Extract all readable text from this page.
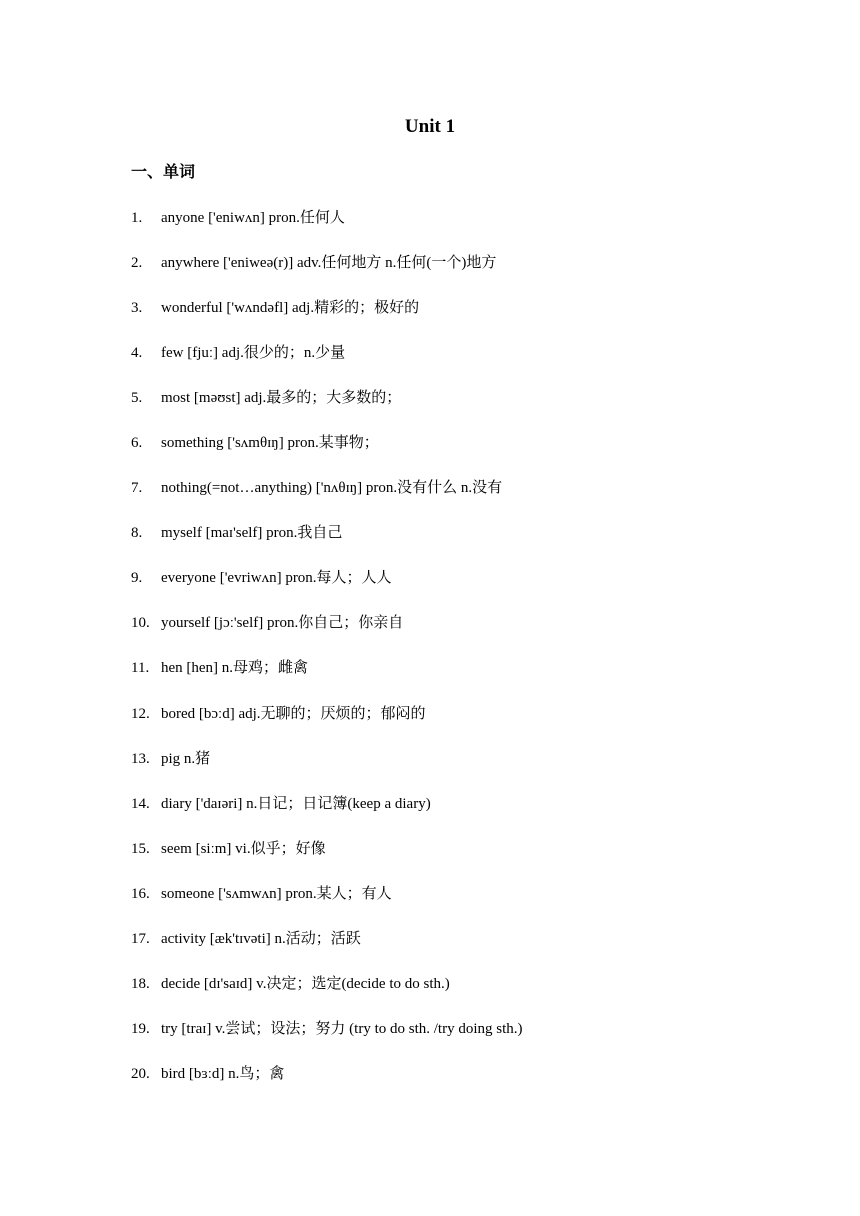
Unit 1
一、单词
1. anyone ['eniwʌn] pron.任何人
2. anywhere ['eniweə(r)] adv.任何地方 n.任何(一个)地方
3. wonderful ['wʌndəfl] adj.精彩的；极好的
4. few [fjuː] adj.很少的；n.少量
5. most [məʊst] adj.最多的；大多数的；
6. something ['sʌmθɪŋ] pron.某事物；
7. nothing(=not…anything) ['nʌθɪŋ] pron.没有什么 n.没有
8. myself [maɪ'self] pron.我自己
9. everyone ['evriwʌn] pron.每人；人人
10. yourself [jɔː'self] pron.你自己；你亲自
11. hen [hen] n.母鸡；雌禽
12. bored [bɔːd] adj.无聊的；厌烦的；郁闷的
13. pig n.猪
14. diary ['daɪəri] n.日记；日记簿(keep a diary)
15. seem [siːm] vi.似乎；好像
16. someone ['sʌmwʌn] pron.某人；有人
17. activity [æk'tɪvəti] n.活动；活跃
18. decide [dɪ'saɪd] v.决定；选定(decide to do sth.)
19. try [traɪ] v.尝试；设法；努力 (try to do sth. /try doing sth.)
20. bird [bɜːd] n.鸟；禽
